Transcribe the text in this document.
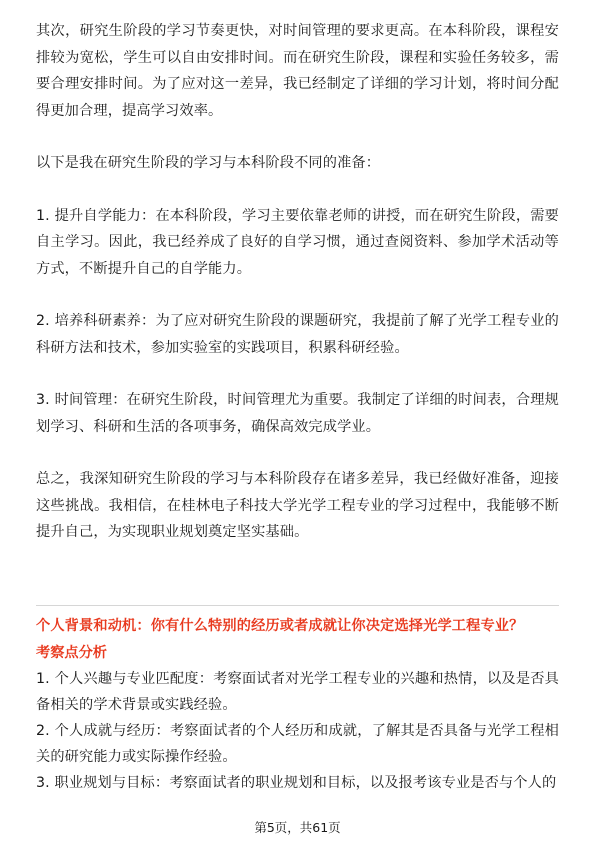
其次，研究生阶段的学习节奏更快，对时间管理的要求更高。在本科阶段，课程安排较为宽松，学生可以自由安排时间。而在研究生阶段，课程和实验任务较多，需要合理安排时间。为了应对这一差异，我已经制定了详细的学习计划，将时间分配得更加合理，提高学习效率。

以下是我在研究生阶段的学习与本科阶段不同的准备：

1. 提升自学能力：在本科阶段，学习主要依靠老师的讲授，而在研究生阶段，需要自主学习。因此，我已经养成了良好的自学习惯，通过查阅资料、参加学术活动等方式，不断提升自己的自学能力。

2. 培养科研素养：为了应对研究生阶段的课题研究，我提前了解了光学工程专业的科研方法和技术，参加实验室的实践项目，积累科研经验。

3. 时间管理：在研究生阶段，时间管理尤为重要。我制定了详细的时间表，合理规划学习、科研和生活的各项事务，确保高效完成学业。

总之，我深知研究生阶段的学习与本科阶段存在诸多差异，我已经做好准备，迎接这些挑战。我相信，在桂林电子科技大学光学工程专业的学习过程中，我能够不断提升自己，为实现职业规划奠定坚实基础。

个人背景和动机：你有什么特别的经历或者成就让你决定选择光学工程专业？
考察点分析
1. 个人兴趣与专业匹配度：考察面试者对光学工程专业的兴趣和热情，以及是否具备相关的学术背景或实践经验。
2. 个人成就与经历：考察面试者的个人经历和成就，了解其是否具备与光学工程相关的研究能力或实际操作经验。
3. 职业规划与目标：考察面试者的职业规划和目标，以及报考该专业是否与个人的
第5页，共61页
